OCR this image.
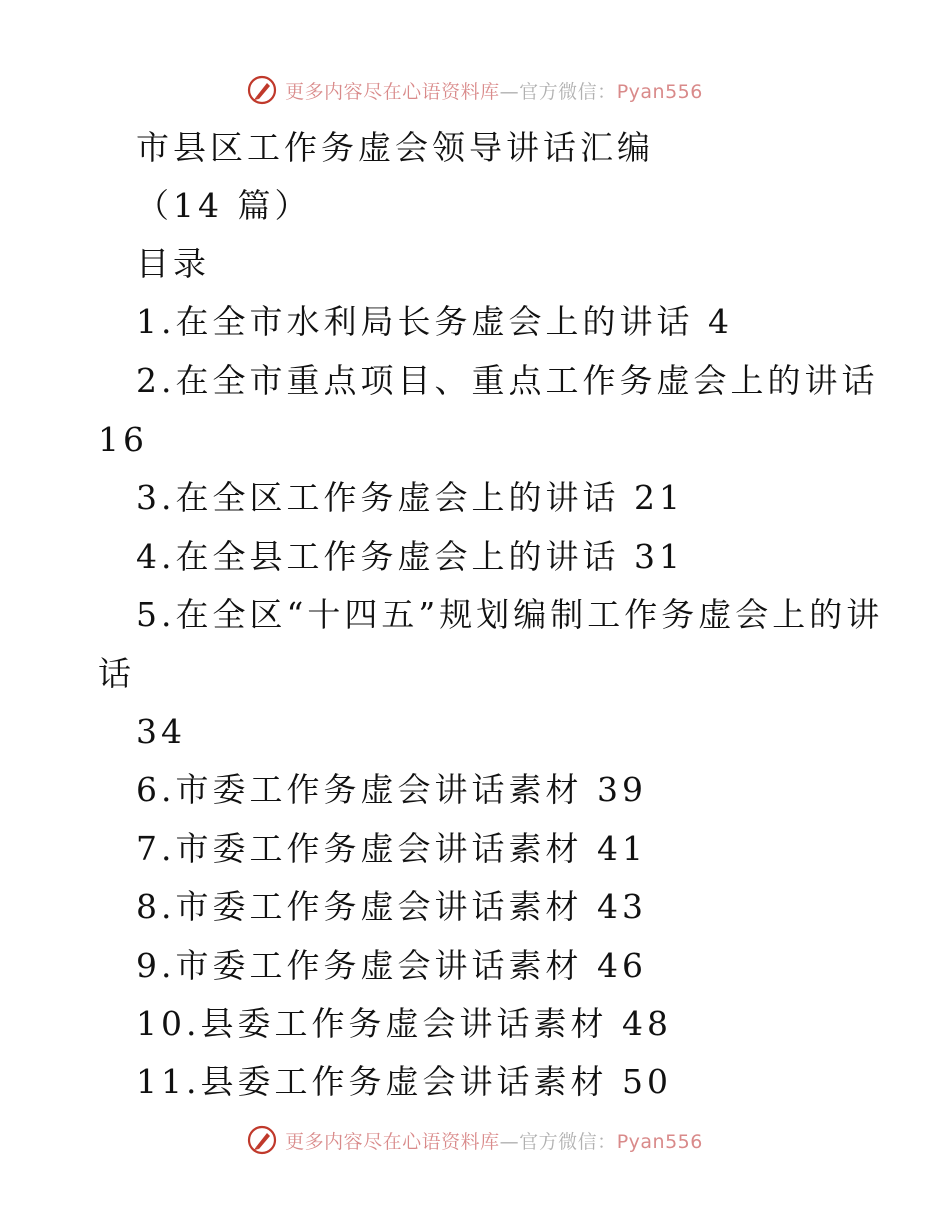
更多内容尽在心语资料库—官方微信：Pyan556
市县区工作务虚会领导讲话汇编
（14 篇）
目录
1.在全市水利局长务虚会上的讲话 4
2.在全市重点项目、重点工作务虚会上的讲话
16
3.在全区工作务虚会上的讲话 21
4.在全县工作务虚会上的讲话 31
5.在全区“十四五”规划编制工作务虚会上的讲
话
34
6.市委工作务虚会讲话素材 39
7.市委工作务虚会讲话素材 41
8.市委工作务虚会讲话素材 43
9.市委工作务虚会讲话素材 46
10.县委工作务虚会讲话素材 48
11.县委工作务虚会讲话素材 50
更多内容尽在心语资料库—官方微信：Pyan556
